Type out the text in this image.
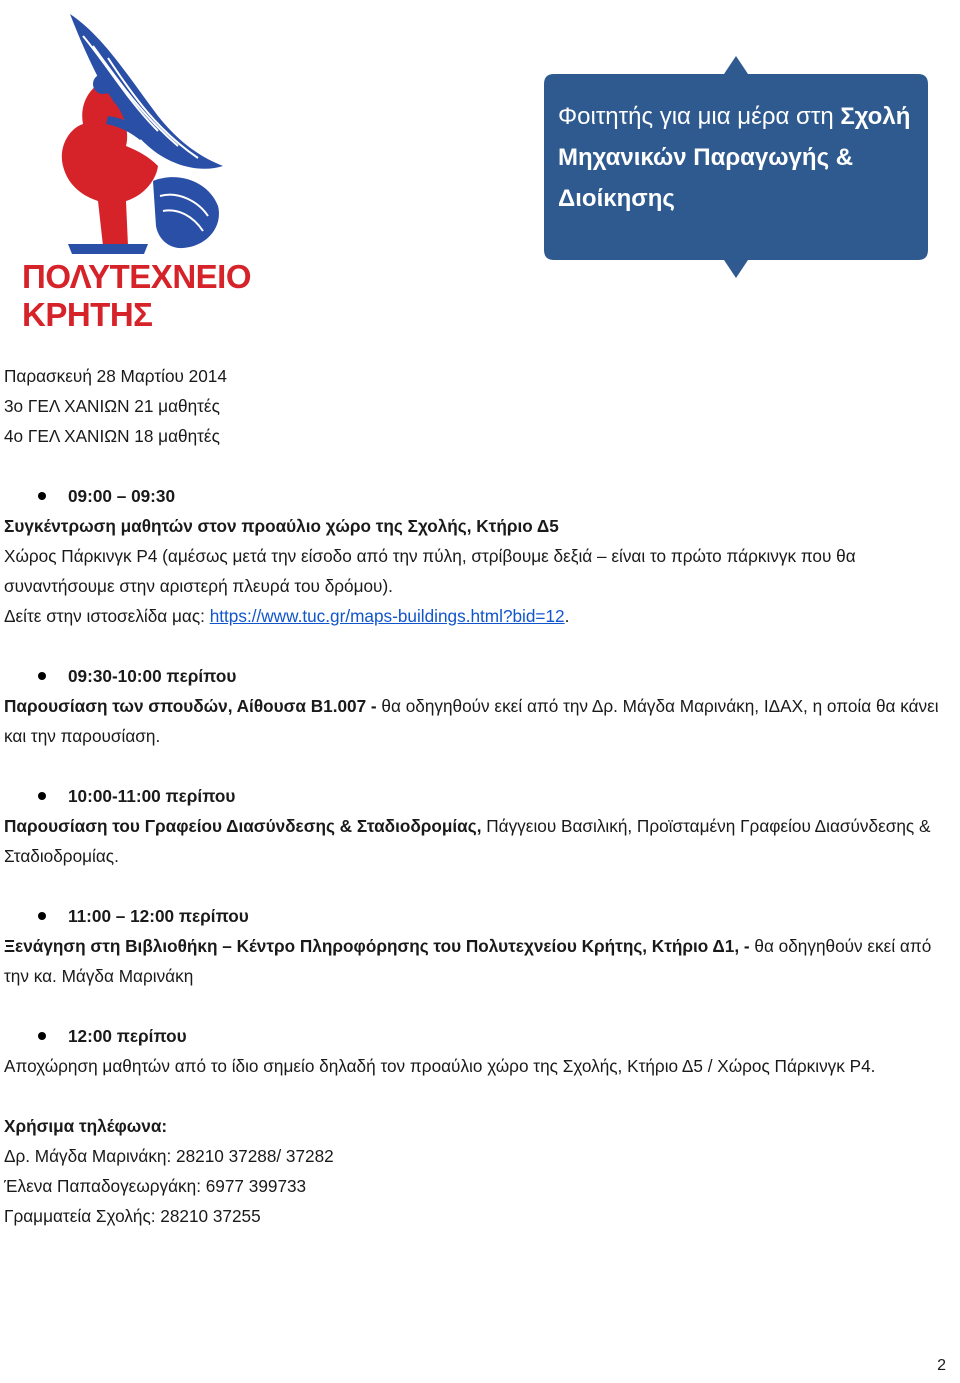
ΠΟΛΥΤΕΧΝΕΙΟ
ΚΡΗΤΗΣ
Φοιτητής για μια μέρα στη Σχολή Μηχανικών Παραγωγής & Διοίκησης
Παρασκευή 28 Μαρτίου 2014
3ο ΓΕΛ ΧΑΝΙΩΝ 21 μαθητές
4ο ΓΕΛ ΧΑΝΙΩΝ 18 μαθητές
09:00 – 09:30
Συγκέντρωση μαθητών στον προαύλιο χώρο της Σχολής, Κτήριο Δ5
Χώρος Πάρκινγκ Ρ4 (αμέσως μετά την είσοδο από την πύλη, στρίβουμε δεξιά – είναι το πρώτο πάρκινγκ που θα συναντήσουμε στην αριστερή πλευρά του δρόμου).
Δείτε στην ιστοσελίδα μας: https://www.tuc.gr/maps-buildings.html?bid=12.
09:30-10:00 περίπου
Παρουσίαση των σπουδών, Αίθουσα Β1.007 - θα οδηγηθούν εκεί από την Δρ. Μάγδα Μαρινάκη, ΙΔΑΧ, η οποία θα κάνει και την παρουσίαση.
10:00-11:00 περίπου
Παρουσίαση του Γραφείου Διασύνδεσης & Σταδιοδρομίας, Πάγγειου Βασιλική, Προϊσταμένη Γραφείου Διασύνδεσης & Σταδιοδρομίας.
11:00 – 12:00 περίπου
Ξενάγηση στη Βιβλιοθήκη – Κέντρο Πληροφόρησης του Πολυτεχνείου Κρήτης, Κτήριο Δ1, - θα οδηγηθούν εκεί από την κα. Μάγδα Μαρινάκη
12:00 περίπου
Αποχώρηση μαθητών από το ίδιο σημείο δηλαδή τον προαύλιο χώρο της Σχολής, Κτήριο Δ5 / Χώρος Πάρκινγκ Ρ4.
Χρήσιμα τηλέφωνα:
Δρ. Μάγδα Μαρινάκη: 28210 37288/ 37282
Έλενα Παπαδογεωργάκη: 6977 399733
Γραμματεία Σχολής: 28210 37255
2
